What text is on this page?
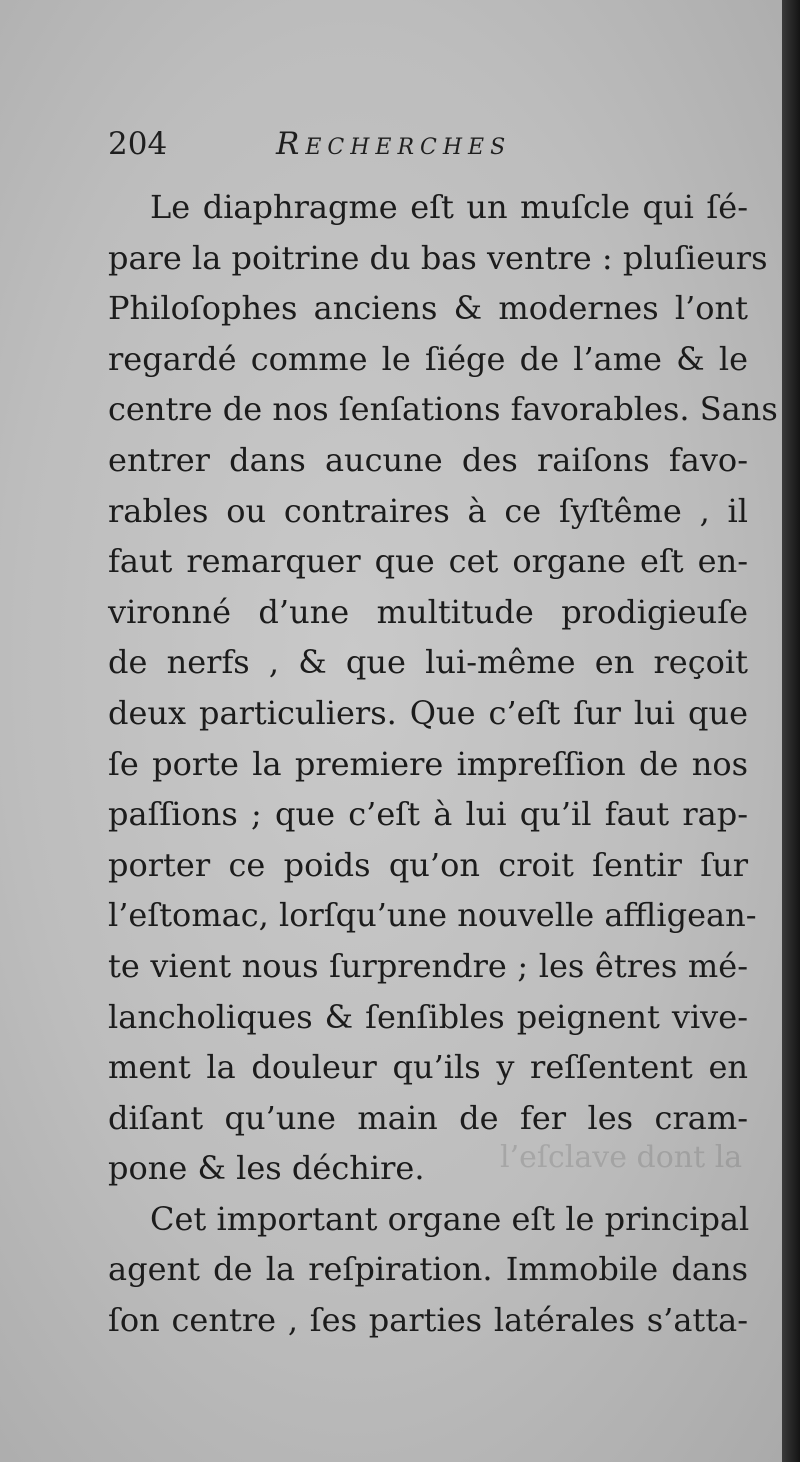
204	Recherches
l’eſclave dont la
Le diaphragme eſt un muſcle qui ſé-
pare la poitrine du bas ventre : pluſieurs
Philoſophes anciens & modernes l’ont
regardé comme le ſiége de l’ame & le
centre de nos ſenſations favorables. Sans
entrer dans aucune des raiſons favo-
rables ou contraires à ce ſyſtême , il
faut remarquer que cet organe eſt en-
vironné d’une multitude prodigieuſe
de nerfs , & que lui-même en reçoit
deux particuliers. Que c’eſt ſur lui que
ſe porte la premiere impreſſion de nos
paſſions ; que c’eſt à lui qu’il faut rap-
porter ce poids qu’on croit ſentir ſur
l’eſtomac, lorſqu’une nouvelle affligean-
te vient nous ſurprendre ; les êtres mé-
lancholiques & ſenſibles peignent vive-
ment la douleur qu’ils y reſſentent en
diſant qu’une main de fer les cram-
pone & les déchire.
Cet important organe eſt le principal
agent de la reſpiration. Immobile dans
ſon centre , ſes parties latérales s’atta-
